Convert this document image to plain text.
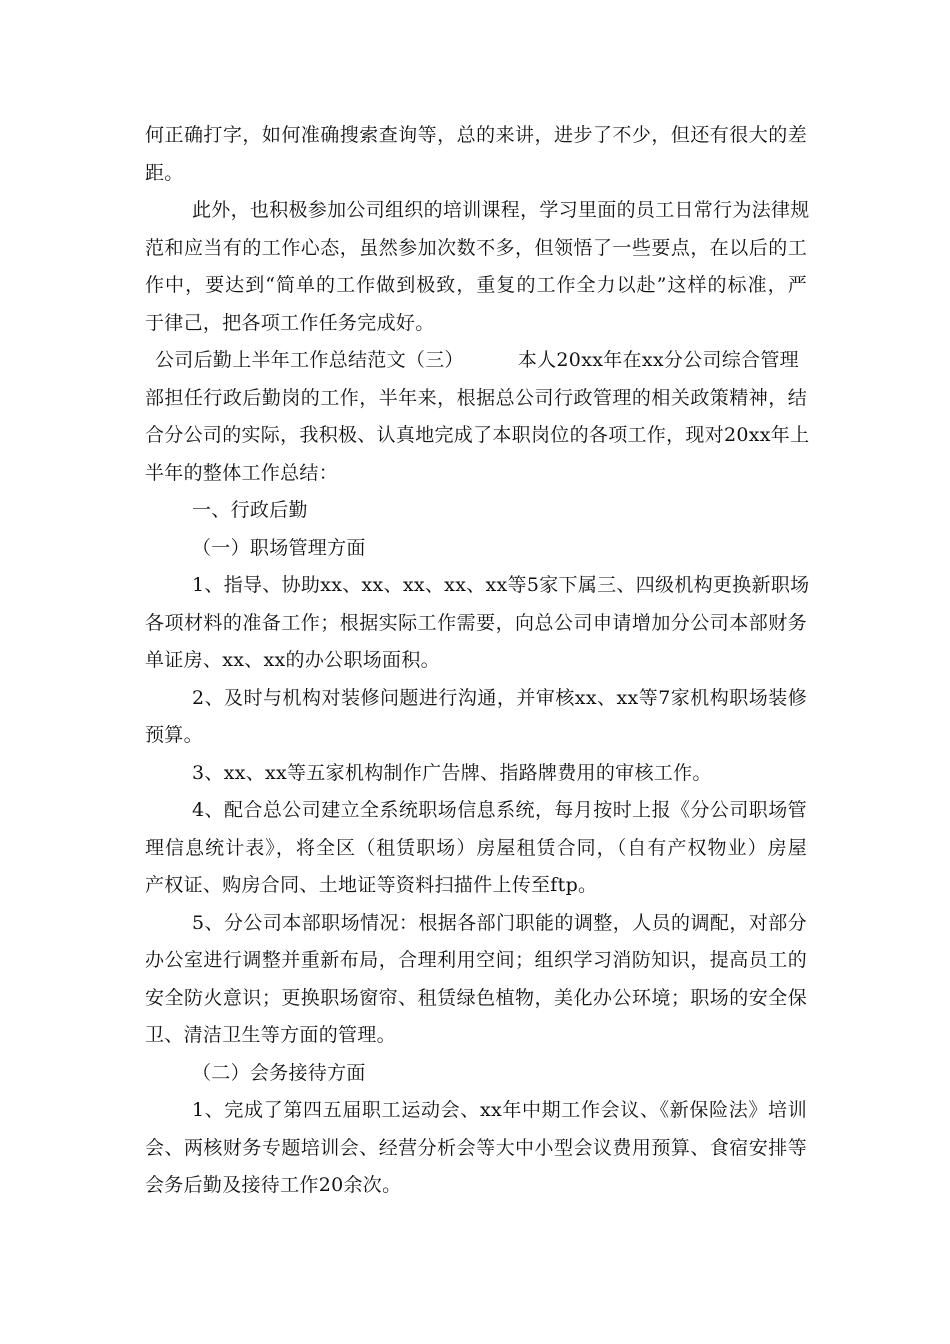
何正确打字，如何准确搜索查询等，总的来讲，进步了不少，但还有很大的差
距。
此外，也积极参加公司组织的培训课程，学习里面的员工日常行为法律规
范和应当有的工作心态，虽然参加次数不多，但领悟了一些要点，在以后的工
作中，要达到“简单的工作做到极致，重复的工作全力以赴”这样的标准，严
于律己，把各项工作任务完成好。
公司后勤上半年工作总结范文（三）	本人20xx年在xx分公司综合管理
部担任行政后勤岗的工作，半年来，根据总公司行政管理的相关政策精神，结
合分公司的实际，我积极、认真地完成了本职岗位的各项工作，现对20xx年上
半年的整体工作总结：
一、行政后勤
（一）职场管理方面
1、指导、协助xx、xx、xx、xx、xx等5家下属三、四级机构更换新职场
各项材料的准备工作；根据实际工作需要，向总公司申请增加分公司本部财务
单证房、xx、xx的办公职场面积。
2、及时与机构对装修问题进行沟通，并审核xx、xx等7家机构职场装修
预算。
3、xx、xx等五家机构制作广告牌、指路牌费用的审核工作。
4、配合总公司建立全系统职场信息系统，每月按时上报《分公司职场管
理信息统计表》，将全区（租赁职场）房屋租赁合同，（自有产权物业）房屋
产权证、购房合同、土地证等资料扫描件上传至ftp。
5、分公司本部职场情况：根据各部门职能的调整，人员的调配，对部分
办公室进行调整并重新布局，合理利用空间；组织学习消防知识，提高员工的
安全防火意识；更换职场窗帘、租赁绿色植物，美化办公环境；职场的安全保
卫、清洁卫生等方面的管理。
（二）会务接待方面
1、完成了第四五届职工运动会、xx年中期工作会议、《新保险法》培训
会、两核财务专题培训会、经营分析会等大中小型会议费用预算、食宿安排等
会务后勤及接待工作20余次。
